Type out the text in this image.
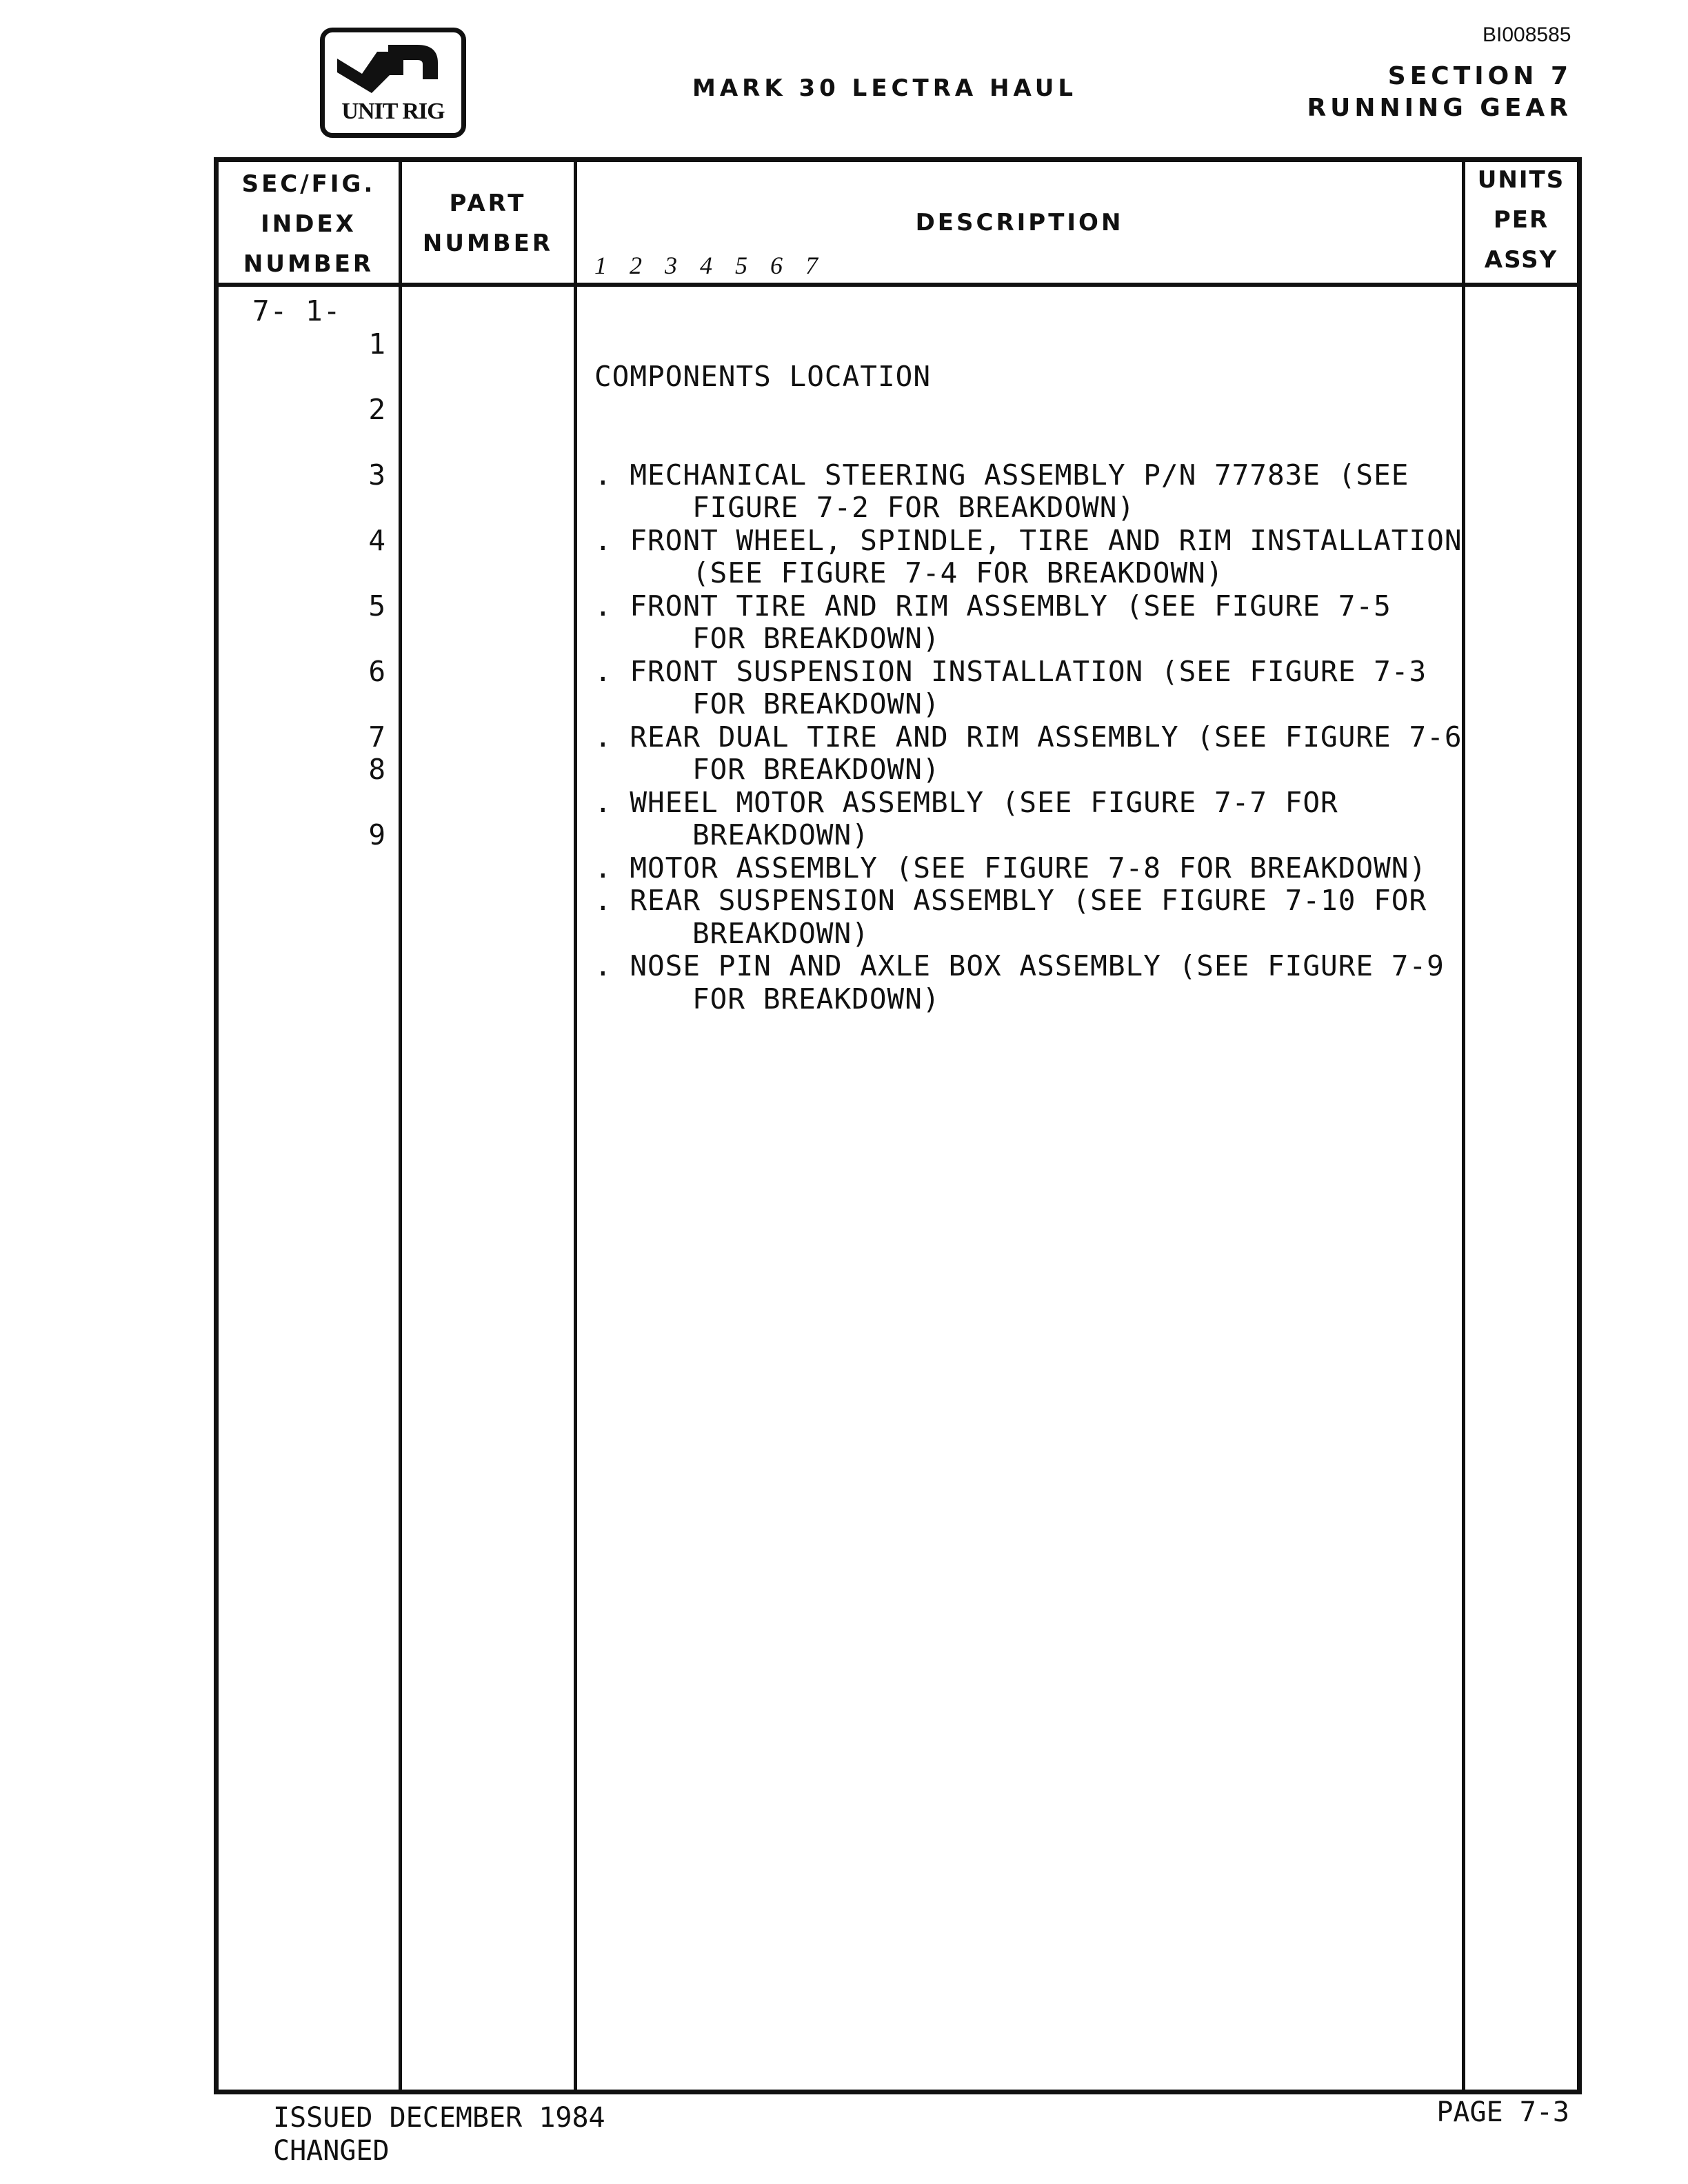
BI008585
UNIT RIG
MARK 30 LECTRA HAUL	SECTION 7
RUNNING GEAR
SEC/FIG.
INDEX
NUMBER
PART
NUMBER
DESCRIPTION
1 2 3 4 5 6 7
UNITS
PER
ASSY
7- 1-

COMPONENTS LOCATION

. MECHANICAL STEERING ASSEMBLY P/N 77783E (SEE
FIGURE 7-2 FOR BREAKDOWN)
. FRONT WHEEL, SPINDLE, TIRE AND RIM INSTALLATION
(SEE FIGURE 7-4 FOR BREAKDOWN)
. FRONT TIRE AND RIM ASSEMBLY (SEE FIGURE 7-5
FOR BREAKDOWN)
. FRONT SUSPENSION INSTALLATION (SEE FIGURE 7-3
FOR BREAKDOWN)
. REAR DUAL TIRE AND RIM ASSEMBLY (SEE FIGURE 7-6
FOR BREAKDOWN)
. WHEEL MOTOR ASSEMBLY (SEE FIGURE 7-7 FOR
BREAKDOWN)
. MOTOR ASSEMBLY (SEE FIGURE 7-8 FOR BREAKDOWN)
. REAR SUSPENSION ASSEMBLY (SEE FIGURE 7-10 FOR
BREAKDOWN)
. NOSE PIN AND AXLE BOX ASSEMBLY (SEE FIGURE 7-9
FOR BREAKDOWN)

1

2

3

4

5

6

7
8

9

ISSUED DECEMBER 1984
CHANGED
PAGE 7-3
